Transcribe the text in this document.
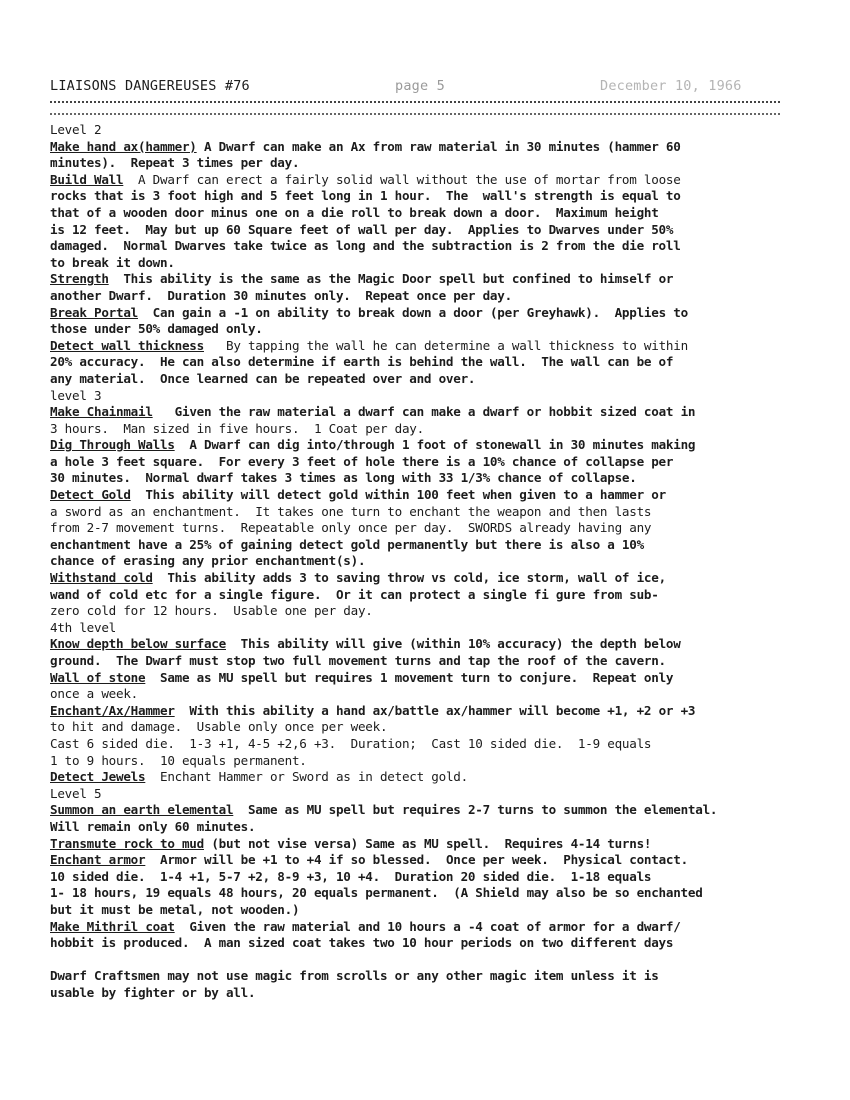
LIAISONS DANGEREUSES #76	page 5	December 10, 1966
Level 2
Make hand ax(hammer) A Dwarf can make an Ax from raw material in 30 minutes (hammer 60
minutes).  Repeat 3 times per day.
Build Wall  A Dwarf can erect a fairly solid wall without the use of mortar from loose
rocks that is 3 foot high and 5 feet long in 1 hour.  The  wall's strength is equal to
that of a wooden door minus one on a die roll to break down a door.  Maximum height
is 12 feet.  May but up 60 Square feet of wall per day.  Applies to Dwarves under 50%
damaged.  Normal Dwarves take twice as long and the subtraction is 2 from the die roll
to break it down.
Strength  This ability is the same as the Magic Door spell but confined to himself or
another Dwarf.  Duration 30 minutes only.  Repeat once per day.
Break Portal  Can gain a -1 on ability to break down a door (per Greyhawk).  Applies to
those under 50% damaged only.
Detect wall thickness   By tapping the wall he can determine a wall thickness to within
20% accuracy.  He can also determine if earth is behind the wall.  The wall can be of
any material.  Once learned can be repeated over and over.
level 3
Make Chainmail   Given the raw material a dwarf can make a dwarf or hobbit sized coat in
3 hours.  Man sized in five hours.  1 Coat per day.
Dig Through Walls  A Dwarf can dig into/through 1 foot of stonewall in 30 minutes making
a hole 3 feet square.  For every 3 feet of hole there is a 10% chance of collapse per
30 minutes.  Normal dwarf takes 3 times as long with 33 1/3% chance of collapse.
Detect Gold  This ability will detect gold within 100 feet when given to a hammer or
a sword as an enchantment.  It takes one turn to enchant the weapon and then lasts
from 2-7 movement turns.  Repeatable only once per day.  SWORDS already having any
enchantment have a 25% of gaining detect gold permanently but there is also a 10%
chance of erasing any prior enchantment(s).
Withstand cold  This ability adds 3 to saving throw vs cold, ice storm, wall of ice,
wand of cold etc for a single figure.  Or it can protect a single fi gure from sub-
zero cold for 12 hours.  Usable one per day.
4th level
Know depth below surface  This ability will give (within 10% accuracy) the depth below
ground.  The Dwarf must stop two full movement turns and tap the roof of the cavern.
Wall of stone  Same as MU spell but requires 1 movement turn to conjure.  Repeat only
once a week.
Enchant/Ax/Hammer  With this ability a hand ax/battle ax/hammer will become +1, +2 or +3
to hit and damage.  Usable only once per week.
Cast 6 sided die.  1-3 +1, 4-5 +2,6 +3.  Duration;  Cast 10 sided die.  1-9 equals
1 to 9 hours.  10 equals permanent.
Detect Jewels  Enchant Hammer or Sword as in detect gold.
Level 5
Summon an earth elemental  Same as MU spell but requires 2-7 turns to summon the elemental.
Will remain only 60 minutes.
Transmute rock to mud (but not vise versa) Same as MU spell.  Requires 4-14 turns!
Enchant armor  Armor will be +1 to +4 if so blessed.  Once per week.  Physical contact.
10 sided die.  1-4 +1, 5-7 +2, 8-9 +3, 10 +4.  Duration 20 sided die.  1-18 equals
1- 18 hours, 19 equals 48 hours, 20 equals permanent.  (A Shield may also be so enchanted
but it must be metal, not wooden.)
Make Mithril coat  Given the raw material and 10 hours a -4 coat of armor for a dwarf/
hobbit is produced.  A man sized coat takes two 10 hour periods on two different days
Dwarf Craftsmen may not use magic from scrolls or any other magic item unless it is
usable by fighter or by all.
